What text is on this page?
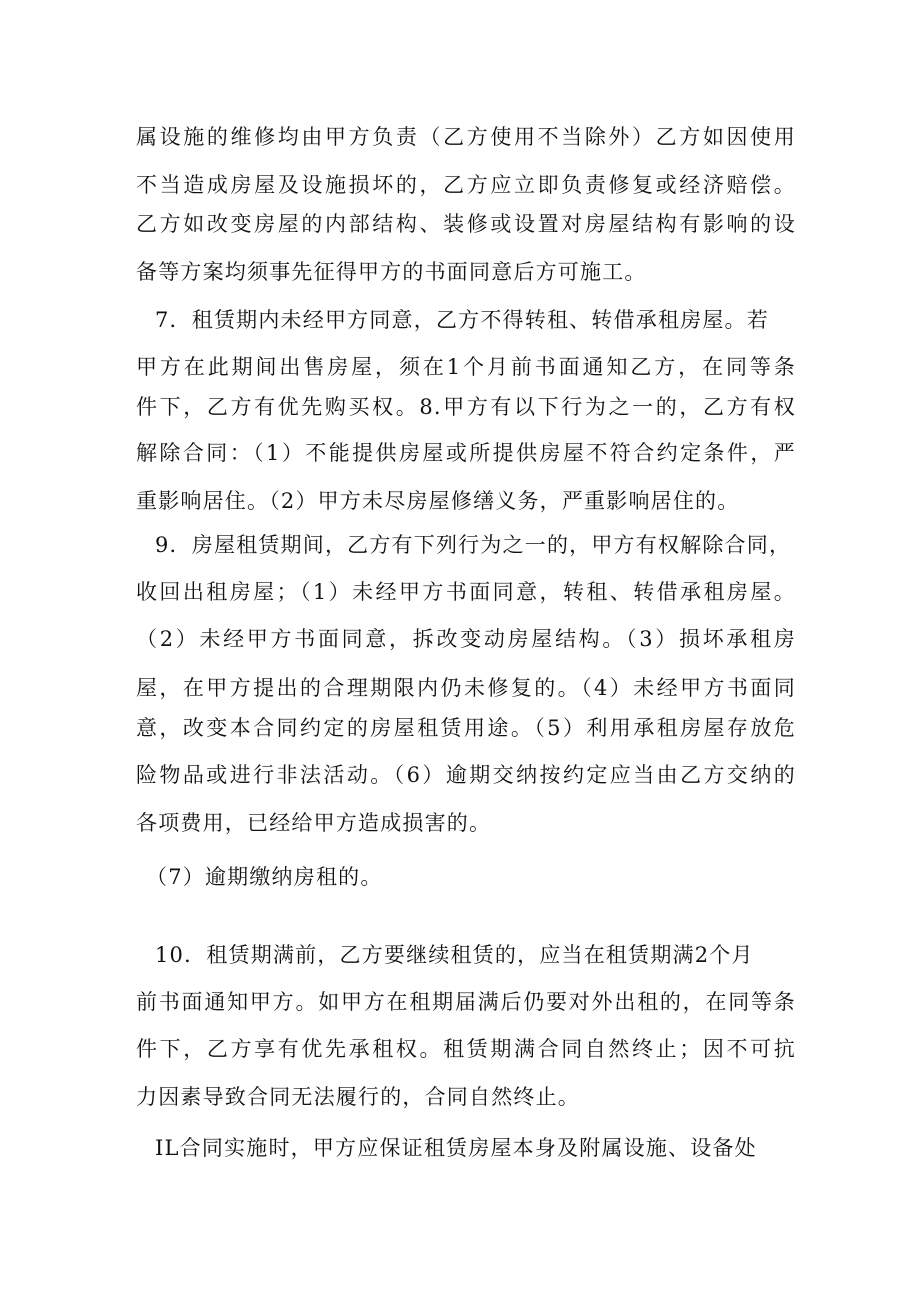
属设施的维修均由甲方负责（乙方使用不当除外）乙方如因使用
不当造成房屋及设施损坏的，乙方应立即负责修复或经济赔偿。
乙方如改变房屋的内部结构、装修或设置对房屋结构有影响的设
备等方案均须事先征得甲方的书面同意后方可施工。
7．租赁期内未经甲方同意，乙方不得转租、转借承租房屋。若
甲方在此期间出售房屋，须在1个月前书面通知乙方，在同等条
件下，乙方有优先购买权。8.甲方有以下行为之一的，乙方有权
解除合同：（1）不能提供房屋或所提供房屋不符合约定条件，严
重影响居住。（2）甲方未尽房屋修缮义务，严重影响居住的。
9．房屋租赁期间，乙方有下列行为之一的，甲方有权解除合同，
收回出租房屋；（1）未经甲方书面同意，转租、转借承租房屋。
（2）未经甲方书面同意，拆改变动房屋结构。（3）损坏承租房
屋，在甲方提出的合理期限内仍未修复的。（4）未经甲方书面同
意，改变本合同约定的房屋租赁用途。（5）利用承租房屋存放危
险物品或进行非法活动。（6）逾期交纳按约定应当由乙方交纳的
各项费用，已经给甲方造成损害的。
（7）逾期缴纳房租的。
10．租赁期满前，乙方要继续租赁的，应当在租赁期满2个月
前书面通知甲方。如甲方在租期届满后仍要对外出租的，在同等条
件下，乙方享有优先承租权。租赁期满合同自然终止；因不可抗
力因素导致合同无法履行的，合同自然终止。
IL合同实施时，甲方应保证租赁房屋本身及附属设施、设备处
